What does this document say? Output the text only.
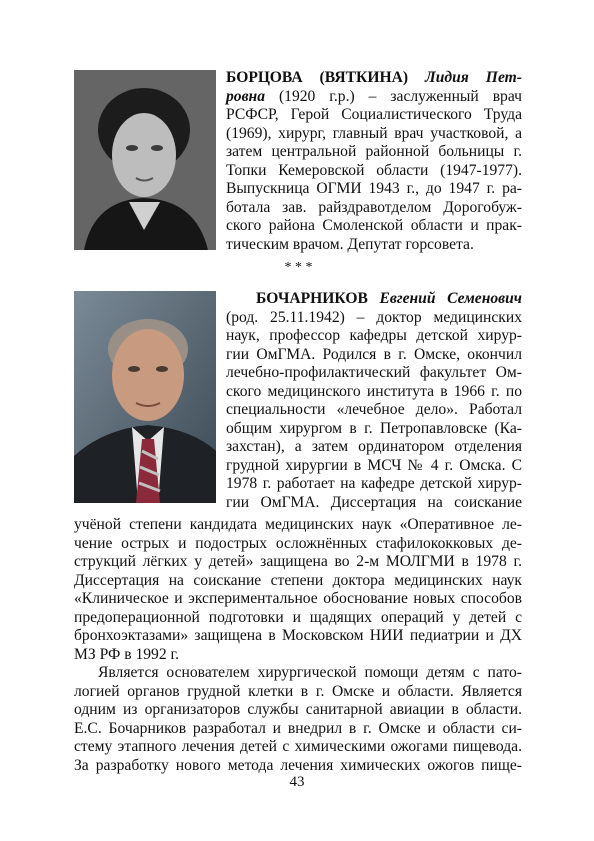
БОРЦОВА (ВЯТКИНА) Лидия Пет-
ровна (1920 г.р.) – заслуженный врач
РСФСР, Герой Социалистического Труда
(1969), хирург, главный врач участковой, а
затем центральной районной больницы г.
Топки Кемеровской области (1947-1977).
Выпускница ОГМИ 1943 г., до 1947 г. ра-
ботала зав. райздравотделом Дорогобуж-
ского района Смоленской области и прак-
тическим врачом. Депутат горсовета.
* * *
БОЧАРНИКОВ Евгений Семенович
(род. 25.11.1942) – доктор медицинских
наук, профессор кафедры детской хирур-
гии ОмГМА. Родился в г. Омске, окончил
лечебно-профилактический факультет Ом-
ского медицинского института в 1966 г. по
специальности «лечебное дело». Работал
общим хирургом в г. Петропавловске (Ка-
захстан), а затем ординатором отделения
грудной хирургии в МСЧ № 4 г. Омска. С
1978 г. работает на кафедре детской хирур-
гии ОмГМА. Диссертация на соискание
учёной степени кандидата медицинских наук «Оперативное ле-
чение острых и подострых осложнённых стафилококковых де-
струкций лёгких у детей» защищена во 2-м МОЛГМИ в 1978 г.
Диссертация на соискание степени доктора медицинских наук
«Клиническое и экспериментальное обоснование новых способов
предоперационной подготовки и щадящих операций у детей с
бронхоэктазами» защищена в Московском НИИ педиатрии и ДХ
МЗ РФ в 1992 г.
Является основателем хирургической помощи детям с пато-
логией органов грудной клетки в г. Омске и области. Является
одним из организаторов службы санитарной авиации в области.
Е.С. Бочарников разработал и внедрил в г. Омске и области си-
стему этапного лечения детей с химическими ожогами пищевода.
За разработку нового метода лечения химических ожогов пище-
43
